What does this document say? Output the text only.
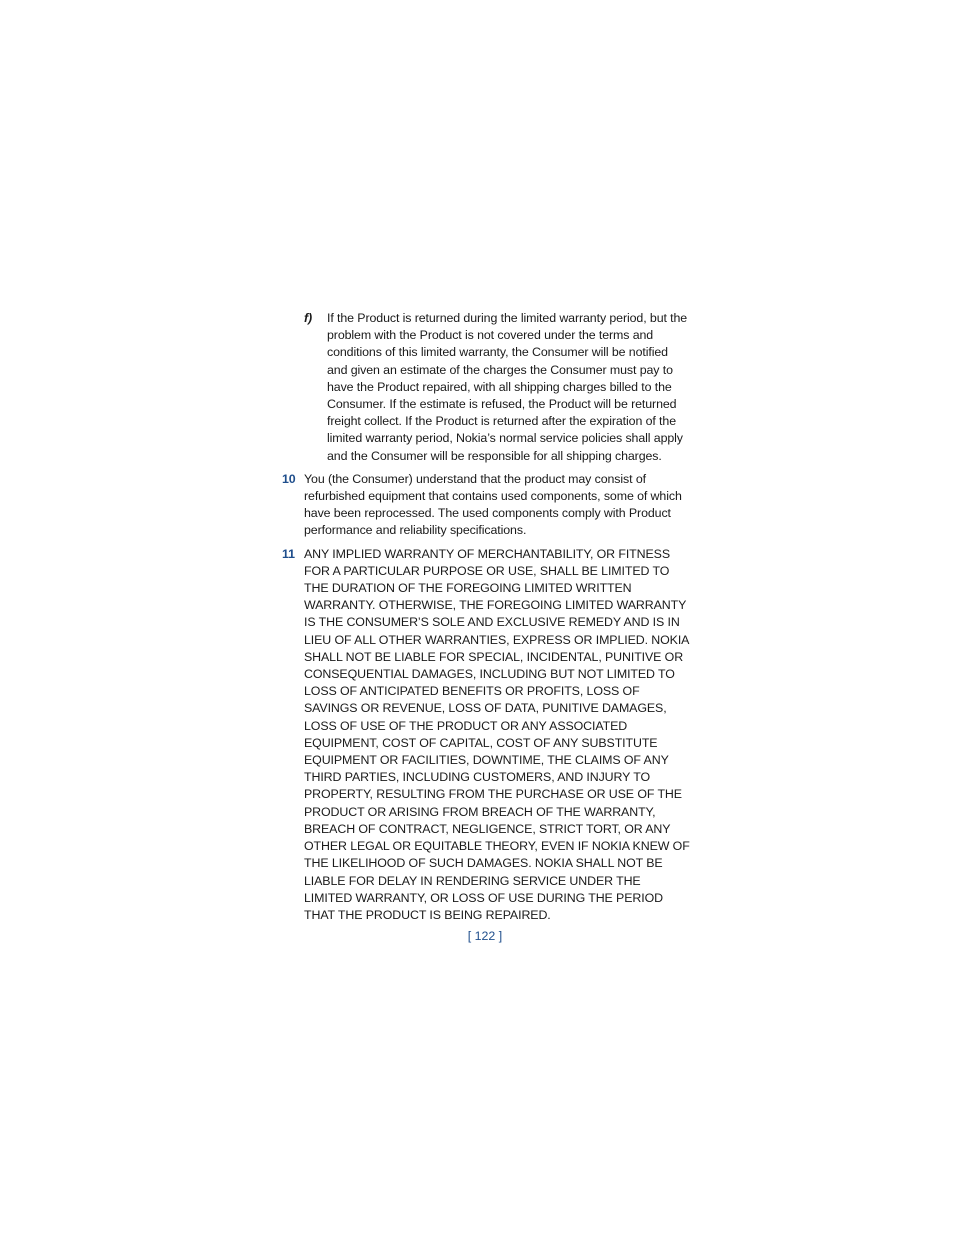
f) If the Product is returned during the limited warranty period, but the problem with the Product is not covered under the terms and conditions of this limited warranty, the Consumer will be notified and given an estimate of the charges the Consumer must pay to have the Product repaired, with all shipping charges billed to the Consumer. If the estimate is refused, the Product will be returned freight collect. If the Product is returned after the expiration of the limited warranty period, Nokia’s normal service policies shall apply and the Consumer will be responsible for all shipping charges.

10 You (the Consumer) understand that the product may consist of refurbished equipment that contains used components, some of which have been reprocessed. The used components comply with Product performance and reliability specifications.

11 ANY IMPLIED WARRANTY OF MERCHANTABILITY, OR FITNESS FOR A PARTICULAR PURPOSE OR USE, SHALL BE LIMITED TO THE DURATION OF THE FOREGOING LIMITED WRITTEN WARRANTY. OTHERWISE, THE FOREGOING LIMITED WARRANTY IS THE CONSUMER’S SOLE AND EXCLUSIVE REMEDY AND IS IN LIEU OF ALL OTHER WARRANTIES, EXPRESS OR IMPLIED. NOKIA SHALL NOT BE LIABLE FOR SPECIAL, INCIDENTAL, PUNITIVE OR CONSEQUENTIAL DAMAGES, INCLUDING BUT NOT LIMITED TO LOSS OF ANTICIPATED BENEFITS OR PROFITS, LOSS OF SAVINGS OR REVENUE, LOSS OF DATA, PUNITIVE DAMAGES, LOSS OF USE OF THE PRODUCT OR ANY ASSOCIATED EQUIPMENT, COST OF CAPITAL, COST OF ANY SUBSTITUTE EQUIPMENT OR FACILITIES, DOWNTIME, THE CLAIMS OF ANY THIRD PARTIES, INCLUDING CUSTOMERS, AND INJURY TO PROPERTY, RESULTING FROM THE PURCHASE OR USE OF THE PRODUCT OR ARISING FROM BREACH OF THE WARRANTY, BREACH OF CONTRACT, NEGLIGENCE, STRICT TORT, OR ANY OTHER LEGAL OR EQUITABLE THEORY, EVEN IF NOKIA KNEW OF THE LIKELIHOOD OF SUCH DAMAGES. NOKIA SHALL NOT BE LIABLE FOR DELAY IN RENDERING SERVICE UNDER THE LIMITED WARRANTY, OR LOSS OF USE DURING THE PERIOD THAT THE PRODUCT IS BEING REPAIRED.

[ 122 ]
